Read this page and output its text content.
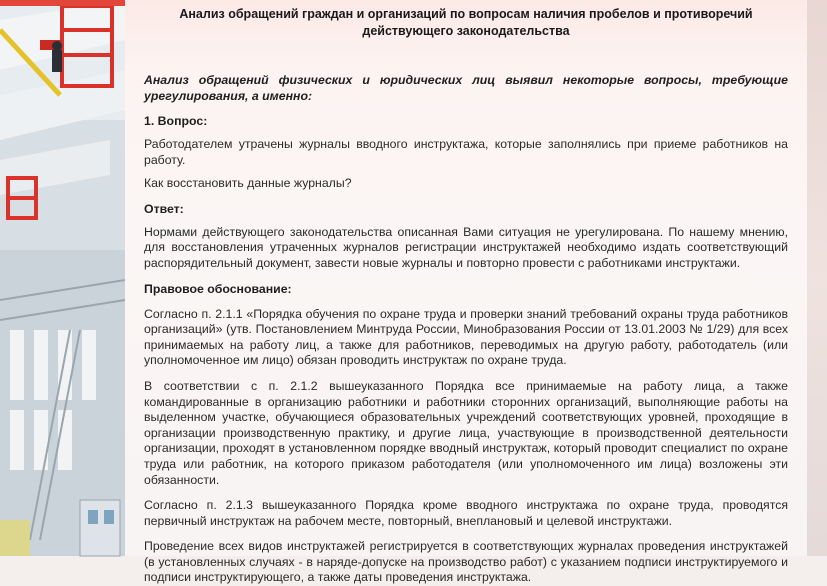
Анализ обращений граждан и организаций по вопросам наличия пробелов и противоречий действующего законодательства
Анализ обращений физических и юридических лиц выявил некоторые вопросы, требующие урегулирования, а именно:
1. Вопрос:

Работодателем утрачены журналы вводного инструктажа, которые заполнялись при приеме работников на работу.

Как восстановить данные журналы?

Ответ:

Нормами действующего законодательства описанная Вами ситуация не урегулирована. По нашему мнению, для восстановления утраченных журналов регистрации инструктажей необходимо издать соответствующий распорядительный документ, завести новые журналы и повторно провести с работниками инструктажи.

Правовое обоснование:

Согласно п. 2.1.1 «Порядка обучения по охране труда и проверки знаний требований охраны труда работников организаций» (утв. Постановлением Минтруда России, Минобразования России от 13.01.2003 № 1/29) для всех принимаемых на работу лиц, а также для работников, переводимых на другую работу, работодатель (или уполномоченное им лицо) обязан проводить инструктаж по охране труда.

В соответствии с п. 2.1.2 вышеуказанного Порядка все принимаемые на работу лица, а также командированные в организацию работники и работники сторонних организаций, выполняющие работы на выделенном участке, обучающиеся образовательных учреждений соответствующих уровней, проходящие в организации производственную практику, и другие лица, участвующие в производственной деятельности организации, проходят в установленном порядке вводный инструктаж, который проводит специалист по охране труда или работник, на которого приказом работодателя (или уполномоченного им лица) возложены эти обязанности.

Согласно п. 2.1.3 вышеуказанного Порядка кроме вводного инструктажа по охране труда, проводятся первичный инструктаж на рабочем месте, повторный, внеплановый и целевой инструктажи.

Проведение всех видов инструктажей регистрируется в соответствующих журналах проведения инструктажей (в установленных случаях - в наряде-допуске на производство работ) с указанием подписи инструктируемого и подписи инструктирующего, а также даты проведения инструктажа.
